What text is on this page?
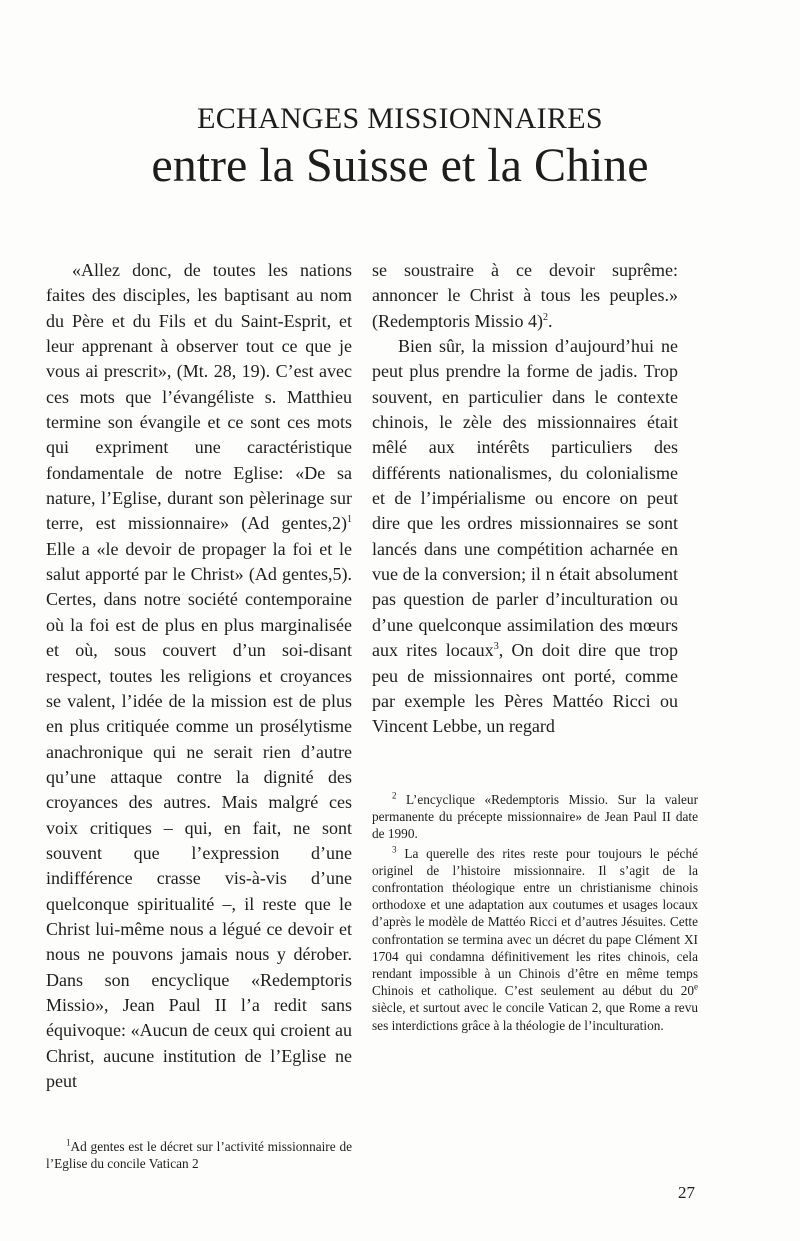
ECHANGES MISSIONNAIRES
entre la Suisse et la Chine

«Allez donc, de toutes les nations faites des disciples, les baptisant au nom du Père et du Fils et du Saint-Esprit, et leur apprenant à observer tout ce que je vous ai prescrit», (Mt. 28, 19). C’est avec ces mots que l’évangéliste s. Matthieu termine son évangile et ce sont ces mots qui expriment une caractéristique fondamentale de notre Eglise: «De sa nature, l’Eglise, durant son pèlerinage sur terre, est missionnaire» (Ad gentes,2)$^1$ Elle a «le devoir de propager la foi et le salut apporté par le Christ» (Ad gentes,5). Certes, dans notre société contemporaine où la foi est de plus en plus marginalisée et où, sous couvert d’un soi-disant respect, toutes les religions et croyances se valent, l’idée de la mission est de plus en plus critiquée comme un prosélytisme anachronique qui ne serait rien d’autre qu’une attaque contre la dignité des croyances des autres. Mais malgré ces voix critiques – qui, en fait, ne sont souvent que l’expression d’une indifférence crasse vis-à-vis d’une quelconque spiritualité –, il reste que le Christ lui-même nous a légué ce devoir et nous ne pouvons jamais nous y dérober. Dans son encyclique «Redemptoris Missio», Jean Paul II l’a redit sans équivoque: «Aucun de ceux qui croient au Christ, aucune institution de l’Eglise ne peut

se soustraire à ce devoir suprême: annoncer le Christ à tous les peuples.» (Redemptoris Missio 4)$^2$.

Bien sûr, la mission d’aujourd’hui ne peut plus prendre la forme de jadis. Trop souvent, en particulier dans le contexte chinois, le zèle des missionnaires était mêlé aux intérêts particuliers des différents nationalismes, du colonialisme et de l’impérialisme ou encore on peut dire que les ordres missionnaires se sont lancés dans une compétition acharnée en vue de la conversion; il n était absolument pas question de parler d’inculturation ou d’une quelconque assimilation des mœurs aux rites locaux$^3$, On doit dire que trop peu de missionnaires ont porté, comme par exemple les Pères Mattéo Ricci ou Vincent Lebbe, un regard

$^2$ L’encyclique «Redemptoris Missio. Sur la valeur permanente du précepte missionnaire» de Jean Paul II date de 1990.

$^3$ La querelle des rites reste pour toujours le péché originel de l’histoire missionnaire. Il s’agit de la confrontation théologique entre un christianisme chinois orthodoxe et une adaptation aux coutumes et usages locaux d’après le modèle de Mattéo Ricci et d’autres Jésuites. Cette confrontation se termina avec un décret du pape Clément XI 1704 qui condamna définitivement les rites chinois, cela rendant impossible à un Chinois d’être en même temps Chinois et catholique. C’est seulement au début du 20e siècle, et surtout avec le concile Vatican 2, que Rome a revu ses interdictions grâce à la théologie de l’inculturation.

$^1$Ad gentes est le décret sur l’activité missionnaire de l’Eglise du concile Vatican 2

27
